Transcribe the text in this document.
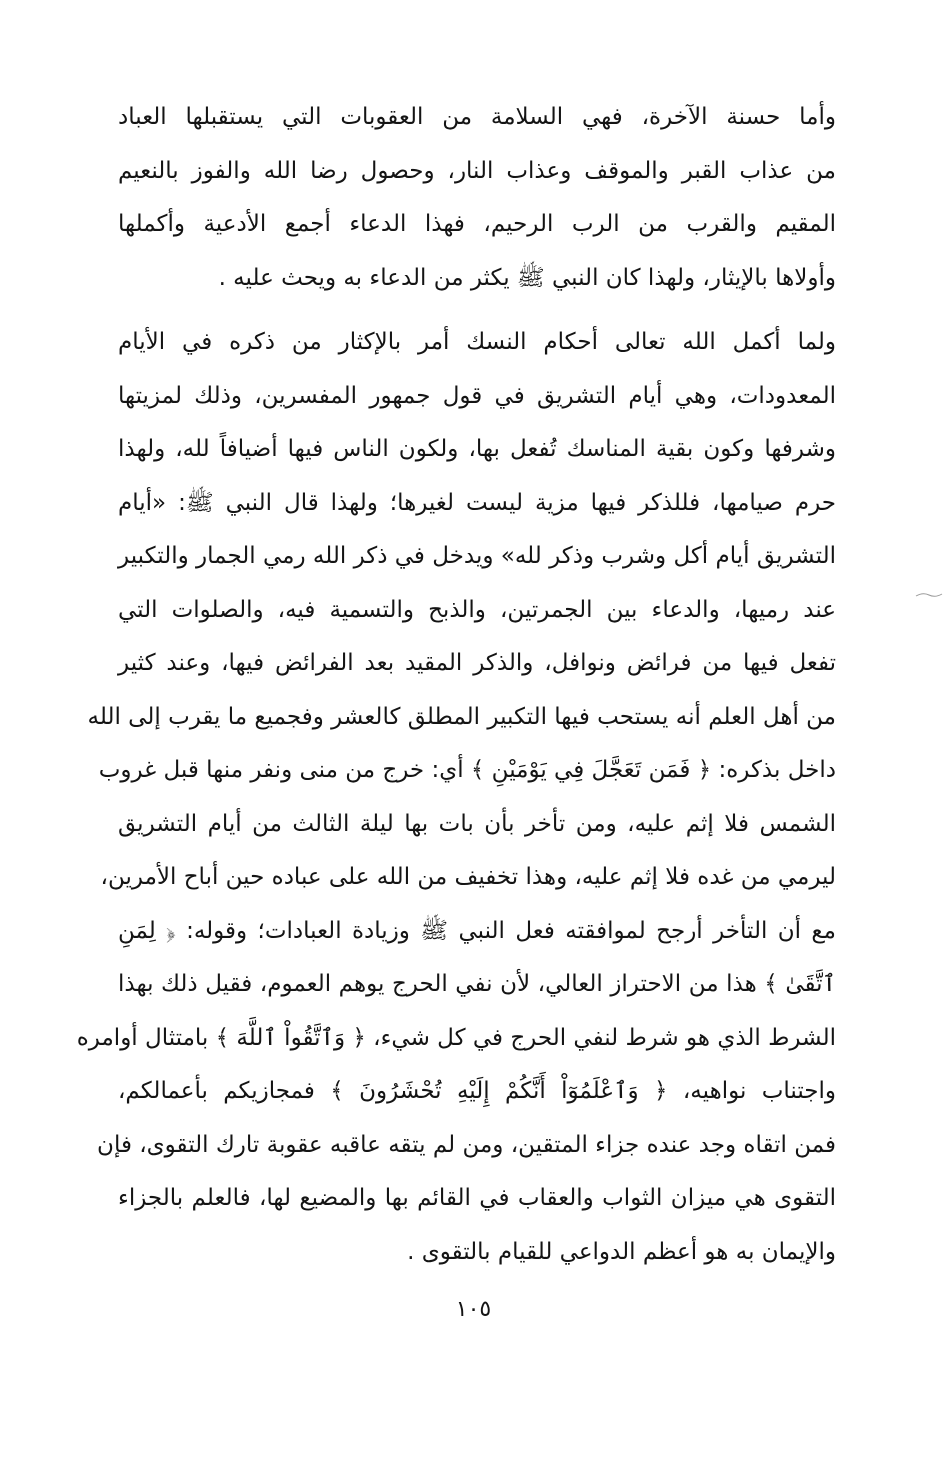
وأما حسنة الآخرة، فهي السلامة من العقوبات التي يستقبلها العباد
من عذاب القبر والموقف وعذاب النار، وحصول رضا الله والفوز بالنعيم
المقيم والقرب من الرب الرحيم، فهذا الدعاء أجمع الأدعية وأكملها
وأولاها بالإيثار، ولهذا كان النبي ﷺ يكثر من الدعاء به ويحث عليه .
ولما أكمل الله تعالى أحكام النسك أمر بالإكثار من ذكره في الأيام
المعدودات، وهي أيام التشريق في قول جمهور المفسرين، وذلك لمزيتها
وشرفها وكون بقية المناسك تُفعل بها، ولكون الناس فيها أضيافاً لله، ولهذا
حرم صيامها، فللذكر فيها مزية ليست لغيرها؛ ولهذا قال النبي ﷺ: «أيام
التشريق أيام أكل وشرب وذكر لله» ويدخل في ذكر الله رمي الجمار والتكبير
عند رميها، والدعاء بين الجمرتين، والذبح والتسمية فيه، والصلوات التي
تفعل فيها من فرائض ونوافل، والذكر المقيد بعد الفرائض فيها، وعند كثير
من أهل العلم أنه يستحب فيها التكبير المطلق كالعشر وفجميع ما يقرب إلى الله
داخل بذكره: ﴿ فَمَن تَعَجَّلَ فِي يَوْمَيْنِ ﴾ أي: خرج من منى ونفر منها قبل غروب
الشمس فلا إثم عليه، ومن تأخر بأن بات بها ليلة الثالث من أيام التشريق
ليرمي من غده فلا إثم عليه، وهذا تخفيف من الله على عباده حين أباح الأمرين،
مع أن التأخر أرجح لموافقته فعل النبي ﷺ وزيادة العبادات؛ وقوله: ﴿ لِمَنِ
ٱتَّقَىٰ ﴾ هذا من الاحتراز العالي، لأن نفي الحرج يوهم العموم، فقيل ذلك بهذا
الشرط الذي هو شرط لنفي الحرج في كل شيء، ﴿ وَٱتَّقُواْ ٱللَّهَ ﴾ بامتثال أوامره
واجتناب نواهيه، ﴿ وَٱعْلَمُوٓاْ أَنَّكُمْ إِلَيْهِ تُحْشَرُونَ ﴾ فمجازيكم بأعمالكم،
فمن اتقاه وجد عنده جزاء المتقين، ومن لم يتقه عاقبه عقوبة تارك التقوى، فإن
التقوى هي ميزان الثواب والعقاب في القائم بها والمضيع لها، فالعلم بالجزاء
والإيمان به هو أعظم الدواعي للقيام بالتقوى .
١٠٥
